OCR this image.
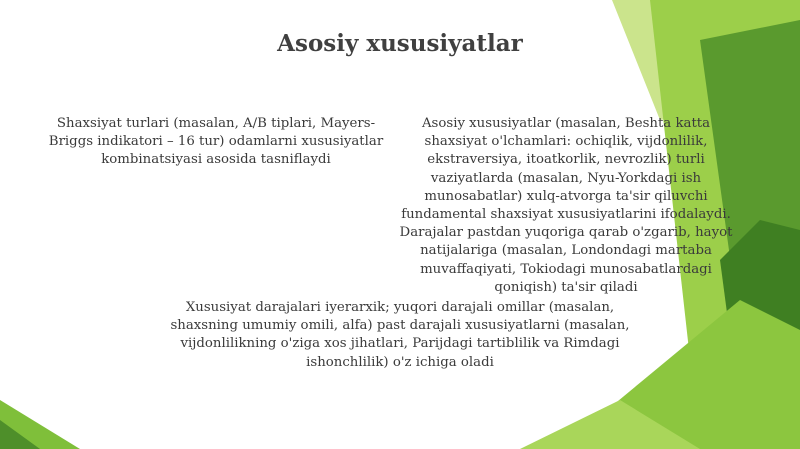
Asosiy xususiyatlar
Shaxsiyat turlari (masalan, A/B tiplari, Mayers-Briggs indikatori – 16 tur) odamlarni xususiyatlar kombinatsiyasi asosida tasniflaydi
Asosiy xususiyatlar (masalan, Beshta katta shaxsiyat o'lchamlari: ochiqlik, vijdonlilik, ekstraversiya, itoatkorlik, nevrozlik) turli vaziyatlarda (masalan, Nyu-Yorkdagi ish munosabatlar) xulq-atvorga ta'sir qiluvchi fundamental shaxsiyat xususiyatlarini ifodalaydi. Darajalar pastdan yuqoriga qarab o'zgarib, hayot natijalariga (masalan, Londondagi martaba muvaffaqiyati, Tokiodagi munosabatlardagi qoniqish) ta'sir qiladi
Xususiyat darajalari iyerarxik; yuqori darajali omillar (masalan, shaxsning umumiy omili, alfa) past darajali xususiyatlarni (masalan, vijdonlilikning o'ziga xos jihatlari, Parijdagi tartiblilik va Rimdagi ishonchlilik) o'z ichiga oladi
